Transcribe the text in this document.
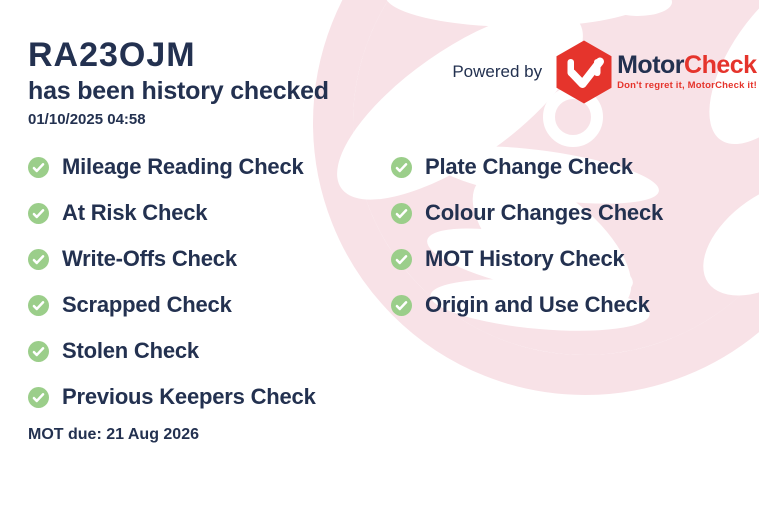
RA23OJM
has been history checked
01/10/2025 04:58
Powered by	MotorCheck
Don't regret it, MotorCheck it!
Mileage Reading Check
At Risk Check
Write-Offs Check
Scrapped Check
Stolen Check
Previous Keepers Check
Plate Change Check
Colour Changes Check
MOT History Check
Origin and Use Check
MOT due: 21 Aug 2026
